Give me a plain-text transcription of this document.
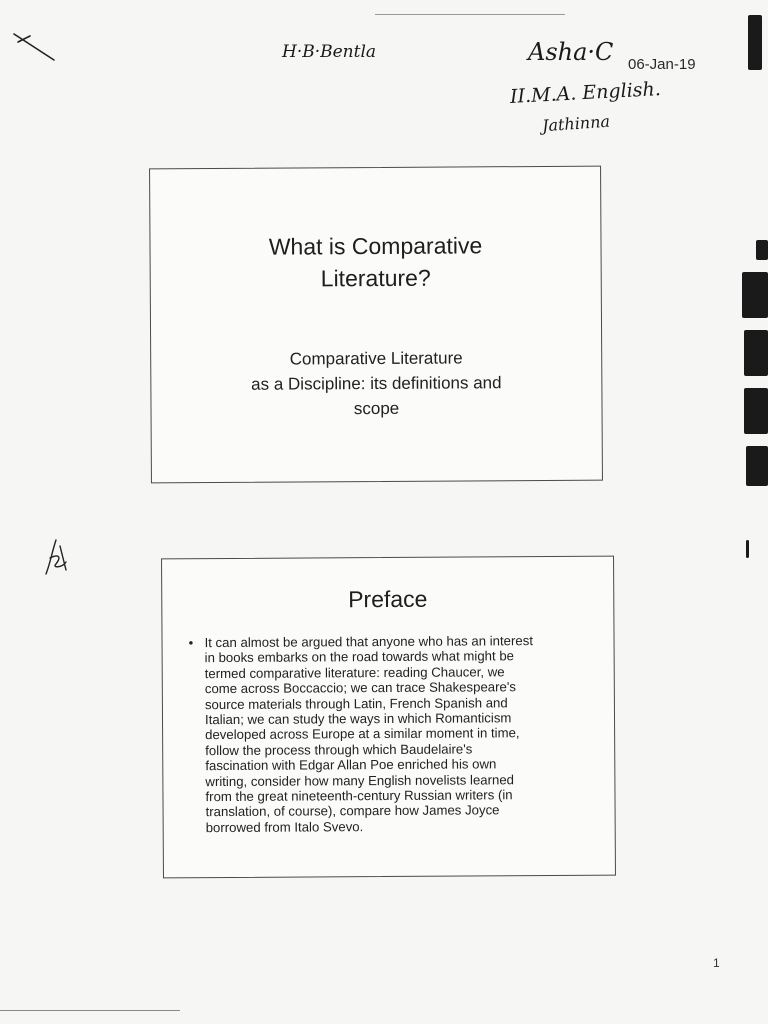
H·B·Bentla	Asha·C 06-Jan-19
II.M.A. English.
Jathinna
What is Comparative
Literature?
Comparative Literature
as a Discipline: its definitions and
scope
Preface
• It can almost be argued that anyone who has an interest
in books embarks on the road towards what might be
termed comparative literature: reading Chaucer, we
come across Boccaccio; we can trace Shakespeare's
source materials through Latin, French Spanish and
Italian; we can study the ways in which Romanticism
developed across Europe at a similar moment in time,
follow the process through which Baudelaire's
fascination with Edgar Allan Poe enriched his own
writing, consider how many English novelists learned
from the great nineteenth-century Russian writers (in
translation, of course), compare how James Joyce
borrowed from Italo Svevo.
1
